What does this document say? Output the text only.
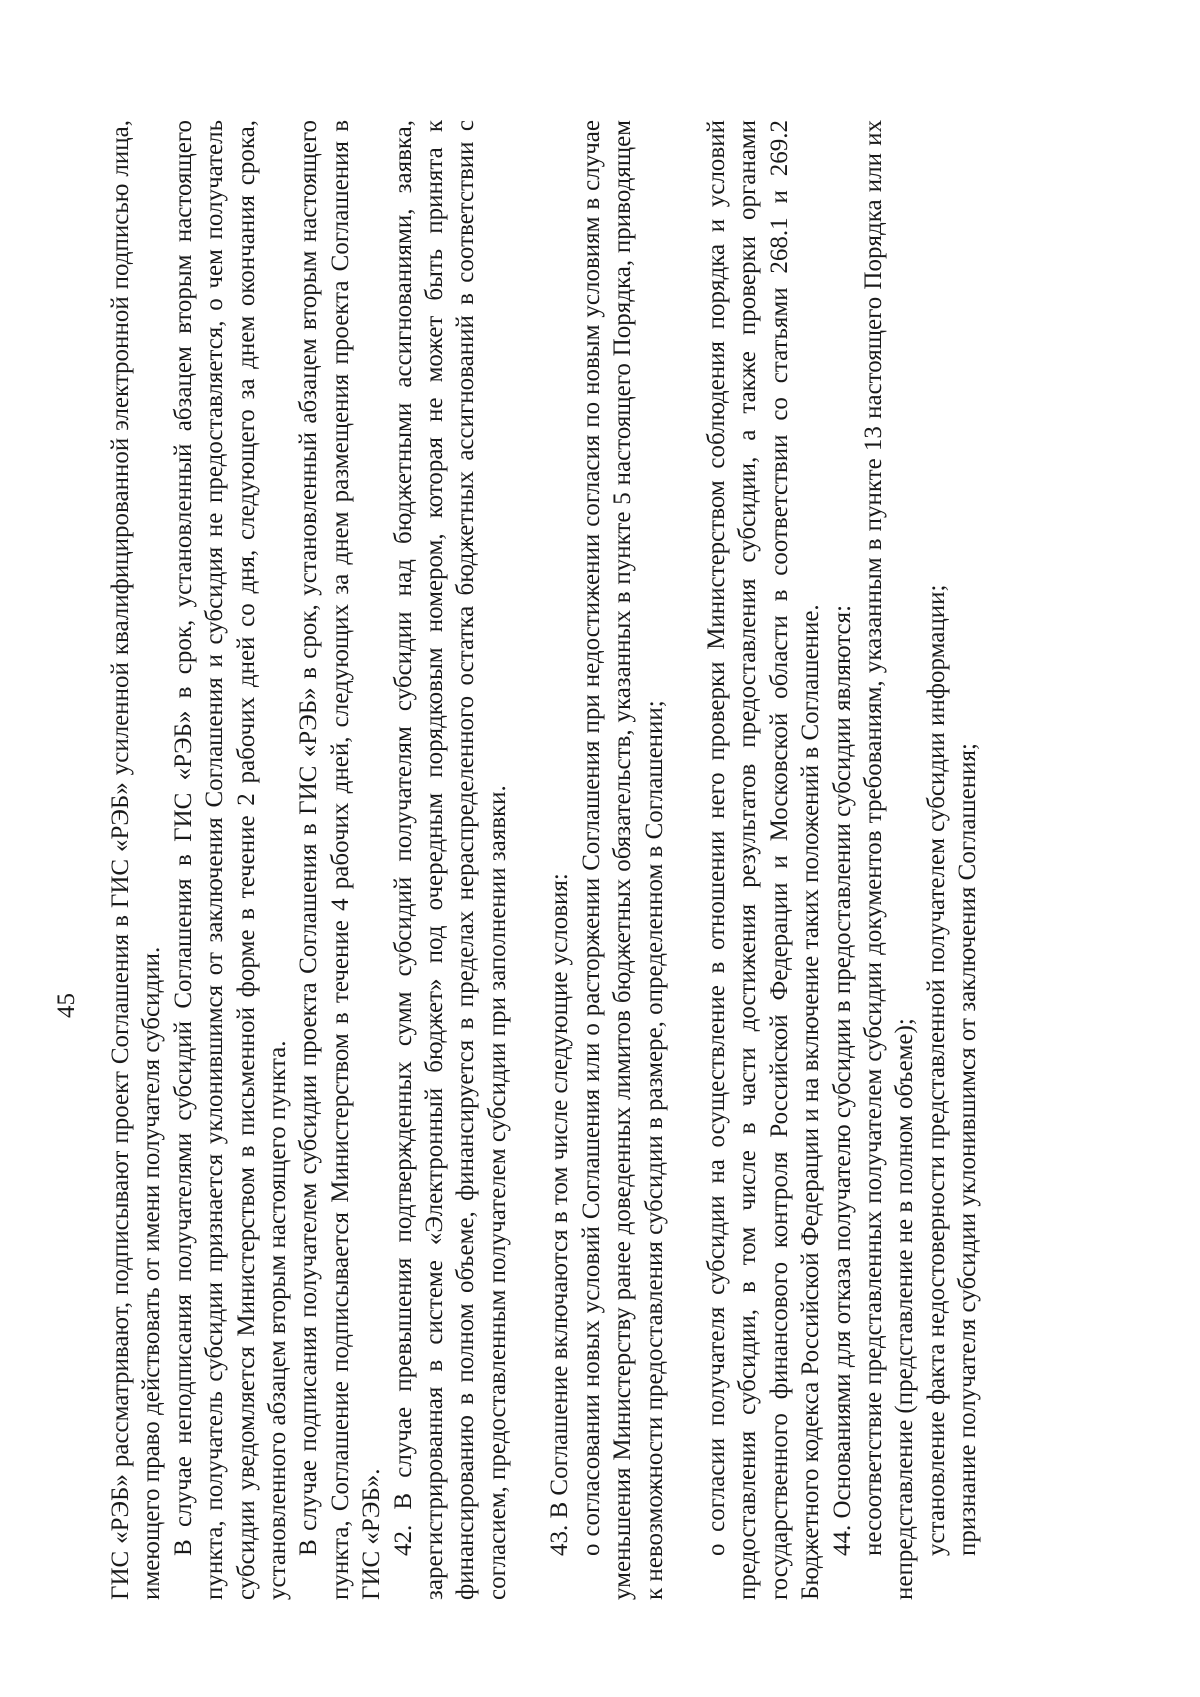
45 ГИС «РЭБ» рассматривают, подписывают проект Соглашения в ГИС «РЭБ» усиленной квалифицированной электронной подписью лица, имеющего право действовать от имени получателя субсидии. В случае неподписания получателями субсидий Соглашения в ГИС «РЭБ» в срок, установленный абзацем вторым настоящего пункта, получатель субсидии признается уклонившимся от заключения Соглашения и субсидия не предоставляется, о чем получатель субсидии уведомляется Министерством в письменной форме в течение 2 рабочих дней со дня, следующего за днем окончания срока, установленного абзацем вторым настоящего пункта. В случае подписания получателем субсидии проекта Соглашения в ГИС «РЭБ» в срок, установленный абзацем вторым настоящего пункта, Соглашение подписывается Министерством в течение 4 рабочих дней, следующих за днем размещения проекта Соглашения в ГИС «РЭБ». 42. В случае превышения подтвержденных сумм субсидий получателям субсидии над бюджетными ассигнованиями, заявка, зарегистрированная в системе «Электронный бюджет» под очередным порядковым номером, которая не может быть принята к финансированию в полном объеме, финансируется в пределах нераспределенного остатка бюджетных ассигнований в соответствии с согласием, предоставленным получателем субсидии при заполнении заявки. 43. В Соглашение включаются в том числе следующие условия: о согласовании новых условий Соглашения или о расторжении Соглашения при недостижении согласия по новым условиям в случае уменьшения Министерству ранее доведенных лимитов бюджетных обязательств, указанных в пункте 5 настоящего Порядка, приводящем к невозможности предоставления субсидии в размере, определенном в Соглашении; о согласии получателя субсидии на осуществление в отношении него проверки Министерством соблюдения порядка и условий предоставления субсидии, в том числе в части достижения результатов предоставления субсидии, а также проверки органами государственного финансового контроля Российской Федерации и Московской области в соответствии со статьями 268.1 и 269.2 Бюджетного кодекса Российской Федерации и на включение таких положений в Соглашение. 44. Основаниями для отказа получателю субсидии в предоставлении субсидии являются: несоответствие представленных получателем субсидии документов требованиям, указанным в пункте 13 настоящего Порядка или их непредставление (представление не в полном объеме); установление факта недостоверности представленной получателем субсидии информации; признание получателя субсидии уклонившимся от заключения Соглашения;
